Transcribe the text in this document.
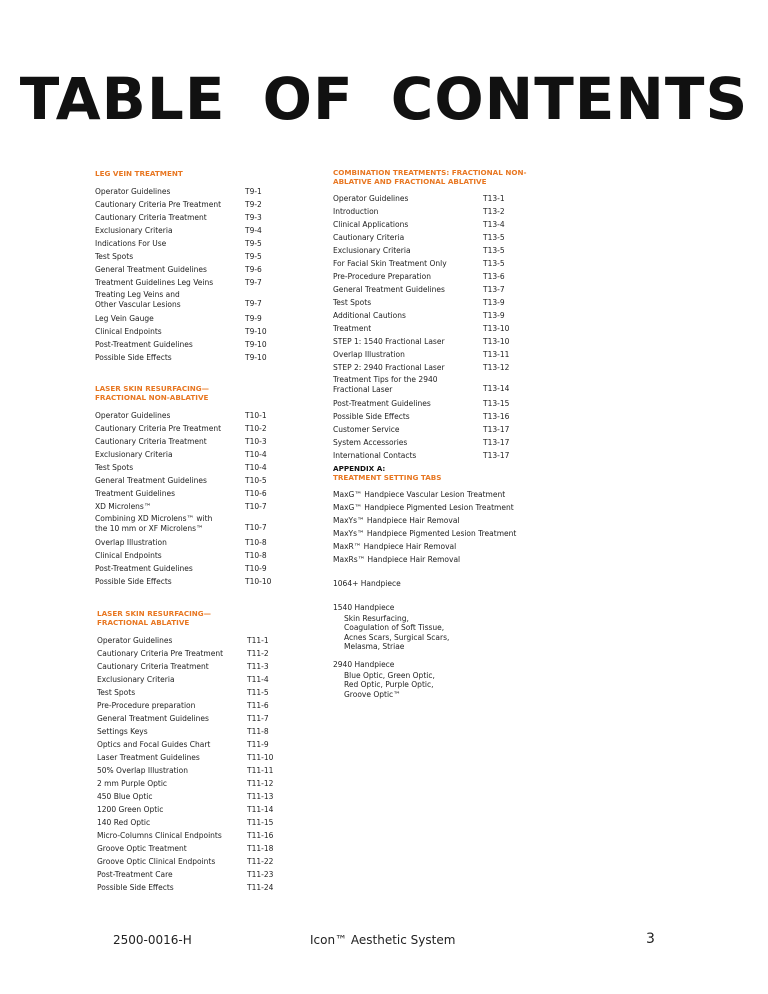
TABLE OF CONTENTS

LEG VEIN TREATMENT

Operator Guidelines	T9-1
Cautionary Criteria Pre Treatment	T9-2
Cautionary Criteria Treatment	T9-3
Exclusionary Criteria	T9-4
Indications For Use	T9-5
Test Spots	T9-5
General Treatment Guidelines	T9-6
Treatment Guidelines Leg Veins	T9-7
Treating Leg Veins and
Other Vascular Lesions	T9-7
Leg Vein Gauge	T9-9
Clinical Endpoints	T9-10
Post-Treatment Guidelines	T9-10
Possible Side Effects	T9-10

LASER SKIN RESURFACING—
FRACTIONAL NON-ABLATIVE

Operator Guidelines	T10-1
Cautionary Criteria Pre Treatment	T10-2
Cautionary Criteria Treatment	T10-3
Exclusionary Criteria	T10-4
Test Spots	T10-4
General Treatment Guidelines	T10-5
Treatment Guidelines	T10-6
XD Microlens™	T10-7
Combining XD Microlens™ with
the 10 mm or XF Microlens™	T10-7
Overlap Illustration	T10-8
Clinical Endpoints	T10-8
Post-Treatment Guidelines	T10-9
Possible Side Effects	T10-10

LASER SKIN RESURFACING—
FRACTIONAL ABLATIVE

Operator Guidelines	T11-1
Cautionary Criteria Pre Treatment	T11-2
Cautionary Criteria Treatment	T11-3
Exclusionary Criteria	T11-4
Test Spots	T11-5
Pre-Procedure preparation	T11-6
General Treatment Guidelines	T11-7
Settings Keys	T11-8
Optics and Focal Guides Chart	T11-9
Laser Treatment Guidelines	T11-10
50% Overlap Illustration	T11-11
2 mm Purple Optic	T11-12
450 Blue Optic	T11-13
1200 Green Optic	T11-14
140 Red Optic	T11-15
Micro-Columns Clinical Endpoints	T11-16
Groove Optic Treatment	T11-18
Groove Optic Clinical Endpoints	T11-22
Post-Treatment Care	T11-23
Possible Side Effects	T11-24

COMBINATION TREATMENTS: FRACTIONAL NON-
ABLATIVE AND FRACTIONAL ABLATIVE

Operator Guidelines	T13-1
Introduction	T13-2
Clinical Applications	T13-4
Cautionary Criteria	T13-5
Exclusionary Criteria	T13-5
For Facial Skin Treatment Only	T13-5
Pre-Procedure Preparation	T13-6
General Treatment Guidelines	T13-7
Test Spots	T13-9
Additional Cautions	T13-9
Treatment	T13-10
STEP 1: 1540 Fractional Laser	T13-10
Overlap Illustration	T13-11
STEP 2: 2940 Fractional Laser	T13-12
Treatment Tips for the 2940
Fractional Laser	T13-14
Post-Treatment Guidelines	T13-15
Possible Side Effects	T13-16
Customer Service	T13-17
System Accessories	T13-17
International Contacts	T13-17

APPENDIX A:

TREATMENT SETTING TABS

MaxG™ Handpiece Vascular Lesion Treatment
MaxG™ Handpiece Pigmented Lesion Treatment
MaxYs™ Handpiece Hair Removal
MaxYs™ Handpiece Pigmented Lesion Treatment
MaxR™ Handpiece Hair Removal
MaxRs™ Handpiece Hair Removal
1064+ Handpiece
1540 Handpiece
Skin Resurfacing,
Coagulation of Soft Tissue,
Acnes Scars, Surgical Scars,
Melasma, Striae
2940 Handpiece
Blue Optic, Green Optic,
Red Optic, Purple Optic,
Groove Optic™
2500-0016-H	Icon™ Aesthetic System	3
